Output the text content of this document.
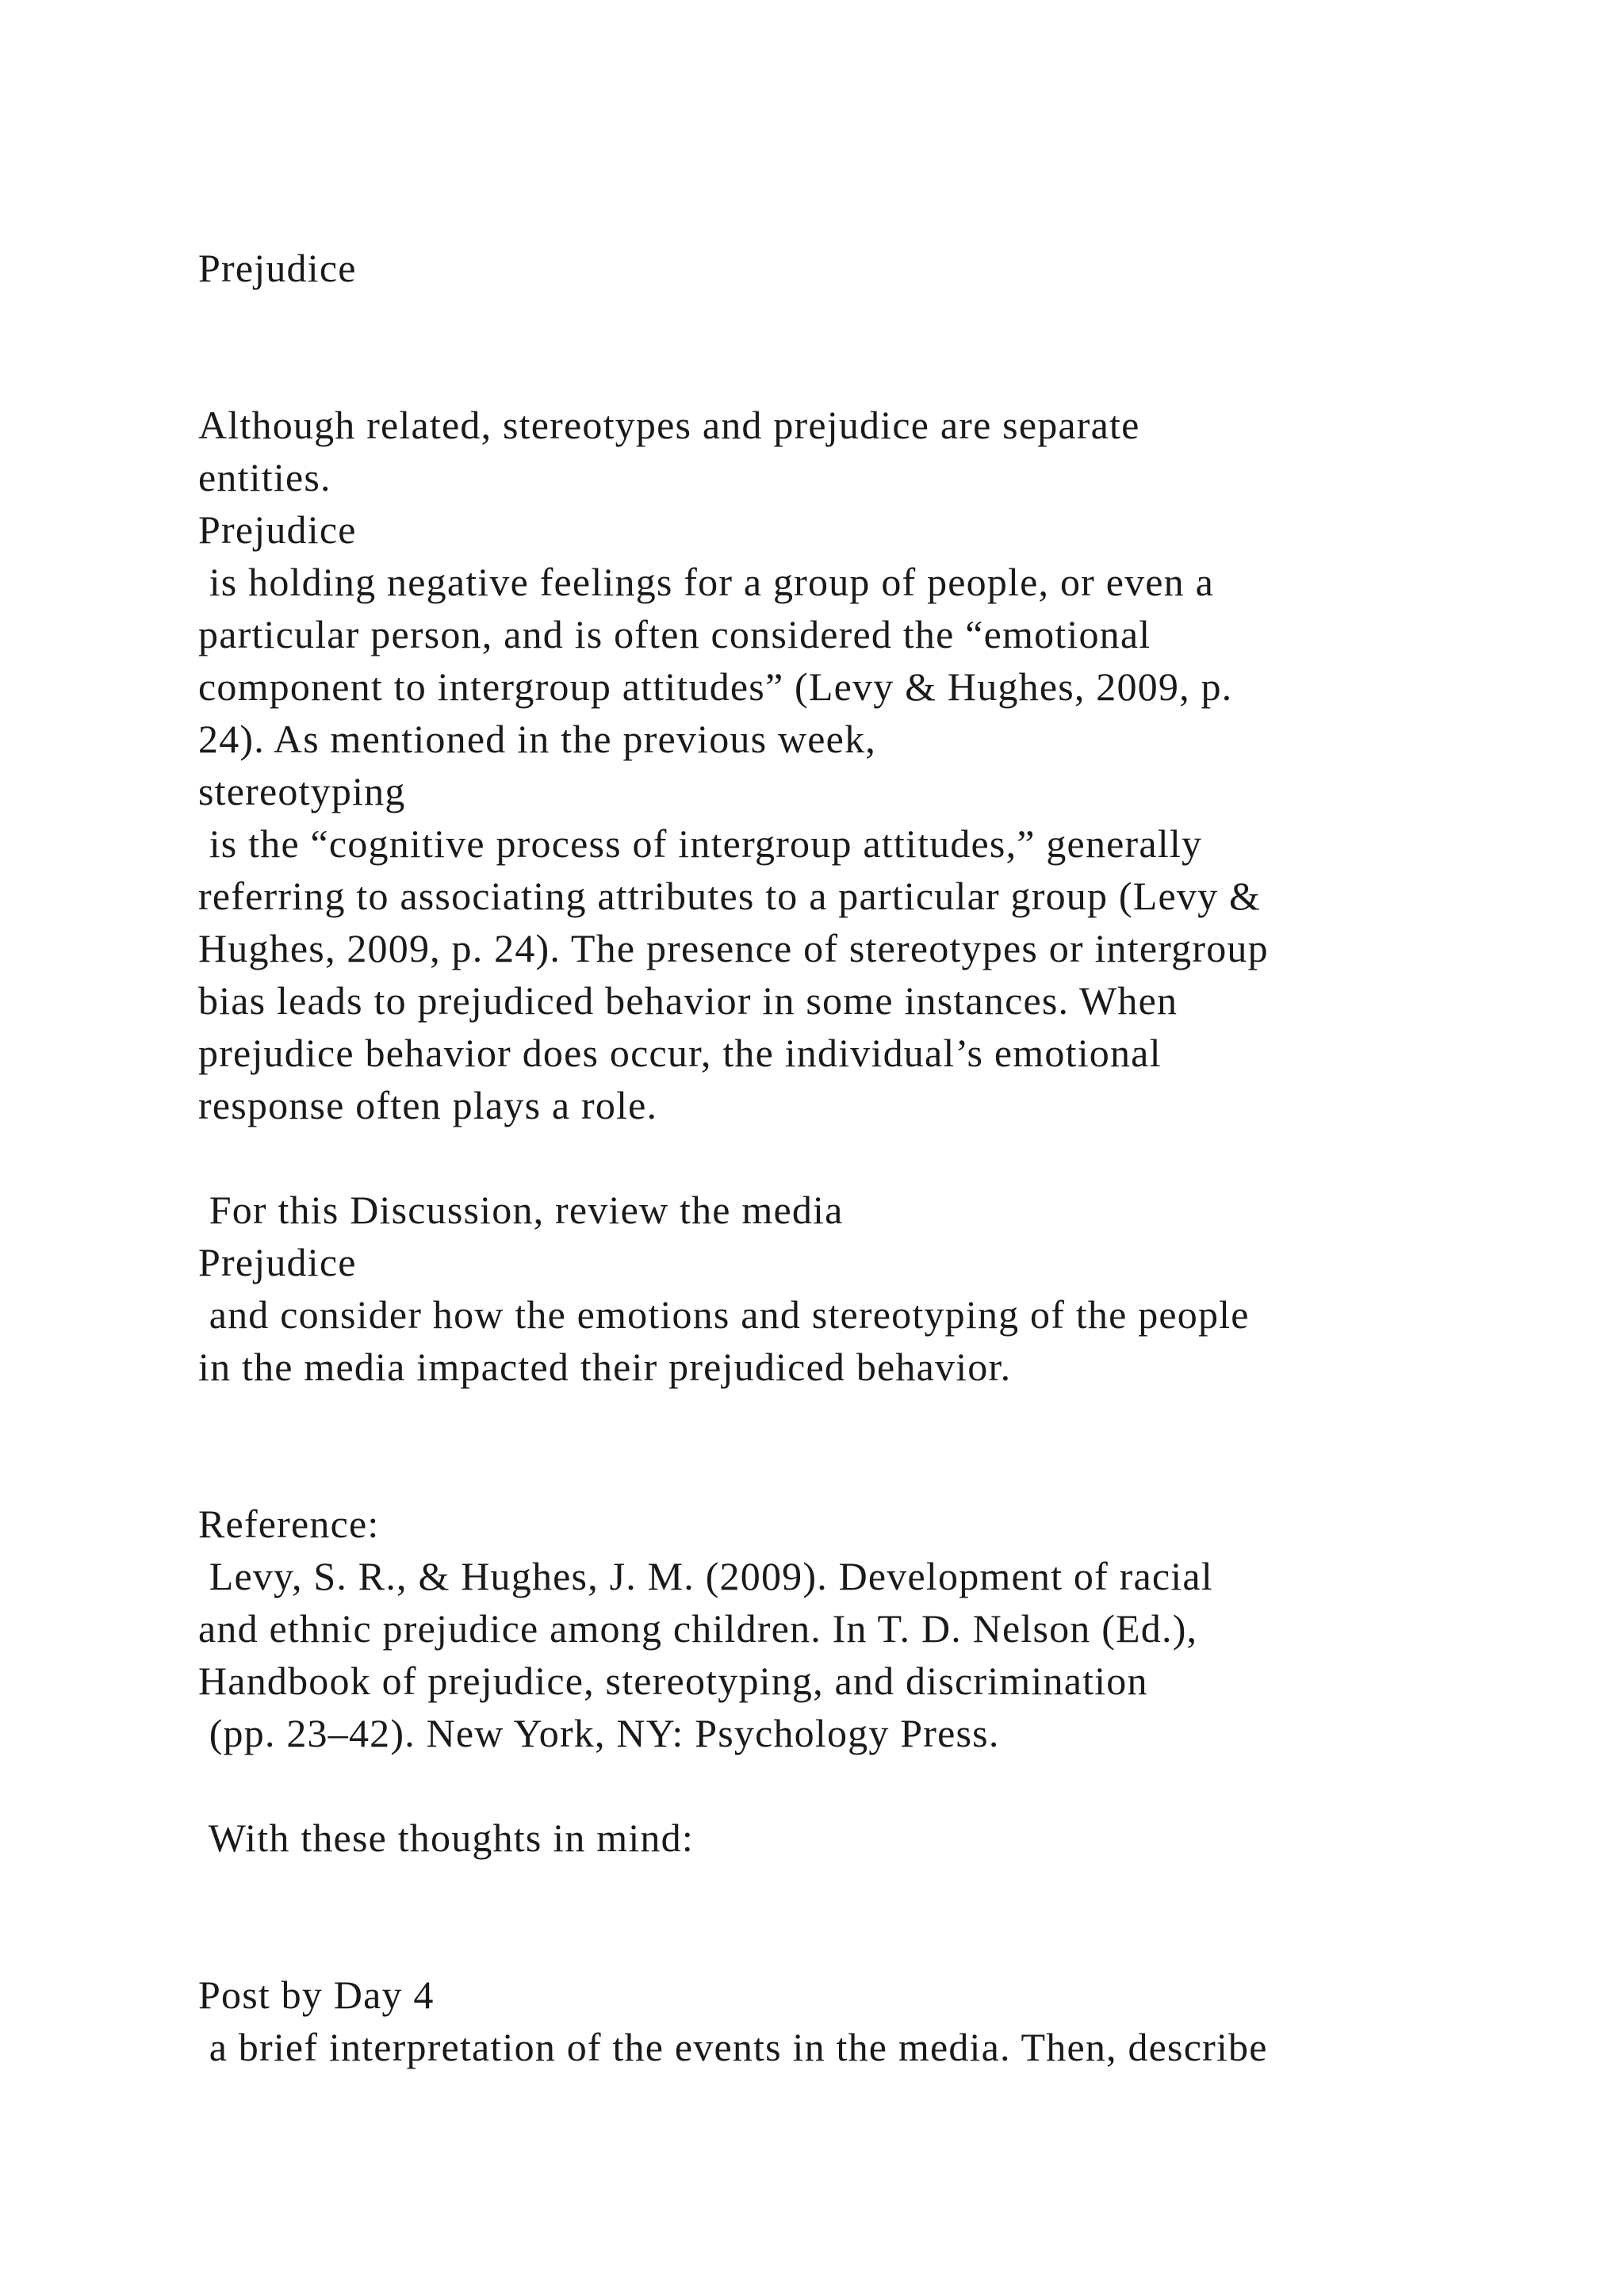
Prejudice
Although related, stereotypes and prejudice are separate
entities.
Prejudice
is holding negative feelings for a group of people, or even a
particular person, and is often considered the “emotional
component to intergroup attitudes” (Levy & Hughes, 2009, p.
24). As mentioned in the previous week,
stereotyping
is the “cognitive process of intergroup attitudes,” generally
referring to associating attributes to a particular group (Levy &
Hughes, 2009, p. 24). The presence of stereotypes or intergroup
bias leads to prejudiced behavior in some instances. When
prejudice behavior does occur, the individual’s emotional
response often plays a role.
For this Discussion, review the media
Prejudice
and consider how the emotions and stereotyping of the people
in the media impacted their prejudiced behavior.
Reference:
Levy, S. R., & Hughes, J. M. (2009). Development of racial
and ethnic prejudice among children. In T. D. Nelson (Ed.),
Handbook of prejudice, stereotyping, and discrimination
(pp. 23–42). New York, NY: Psychology Press.
With these thoughts in mind:
Post by Day 4
a brief interpretation of the events in the media. Then, describe
